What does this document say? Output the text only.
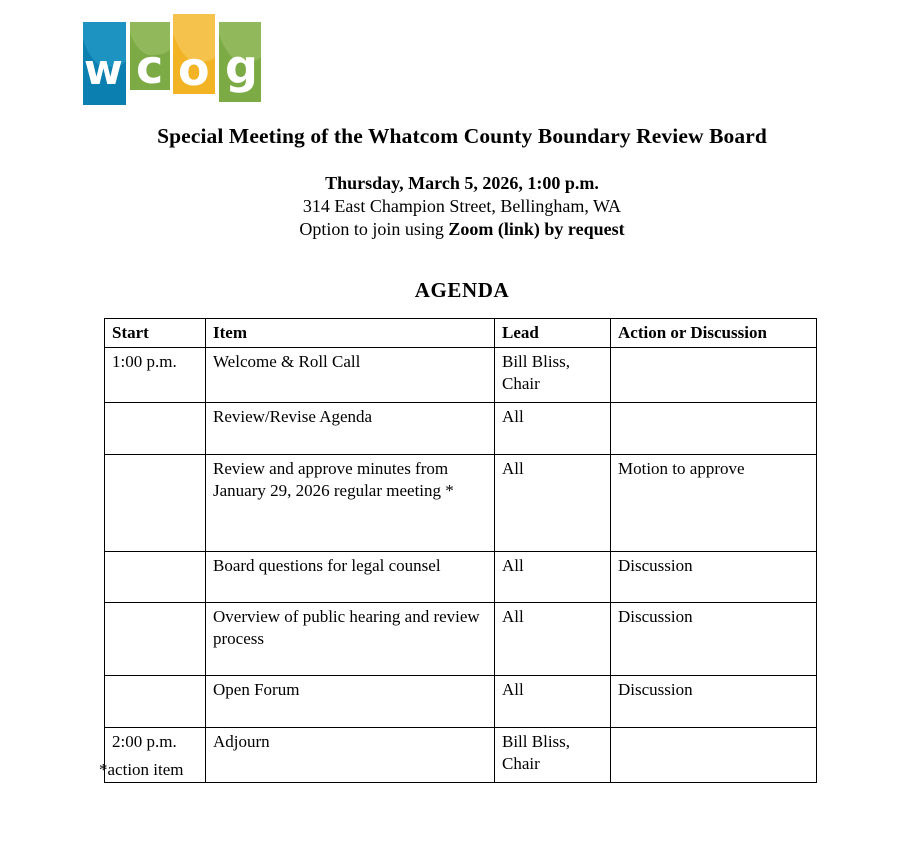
w c o g
Special Meeting of the Whatcom County Boundary Review Board
Thursday, March 5, 2026, 1:00 p.m.
314 East Champion Street, Bellingham, WA
Option to join using Zoom (link) by request
AGENDA
Start	Item	Lead	Action or Discussion
1:00 p.m.	Welcome & Roll Call	Bill Bliss, Chair	
	Review/Revise Agenda	All	
	Review and approve minutes from January 29, 2026 regular meeting *	All	Motion to approve
	Board questions for legal counsel	All	Discussion
	Overview of public hearing and review process	All	Discussion
	Open Forum	All	Discussion
2:00 p.m.	Adjourn	Bill Bliss, Chair	
*action item
